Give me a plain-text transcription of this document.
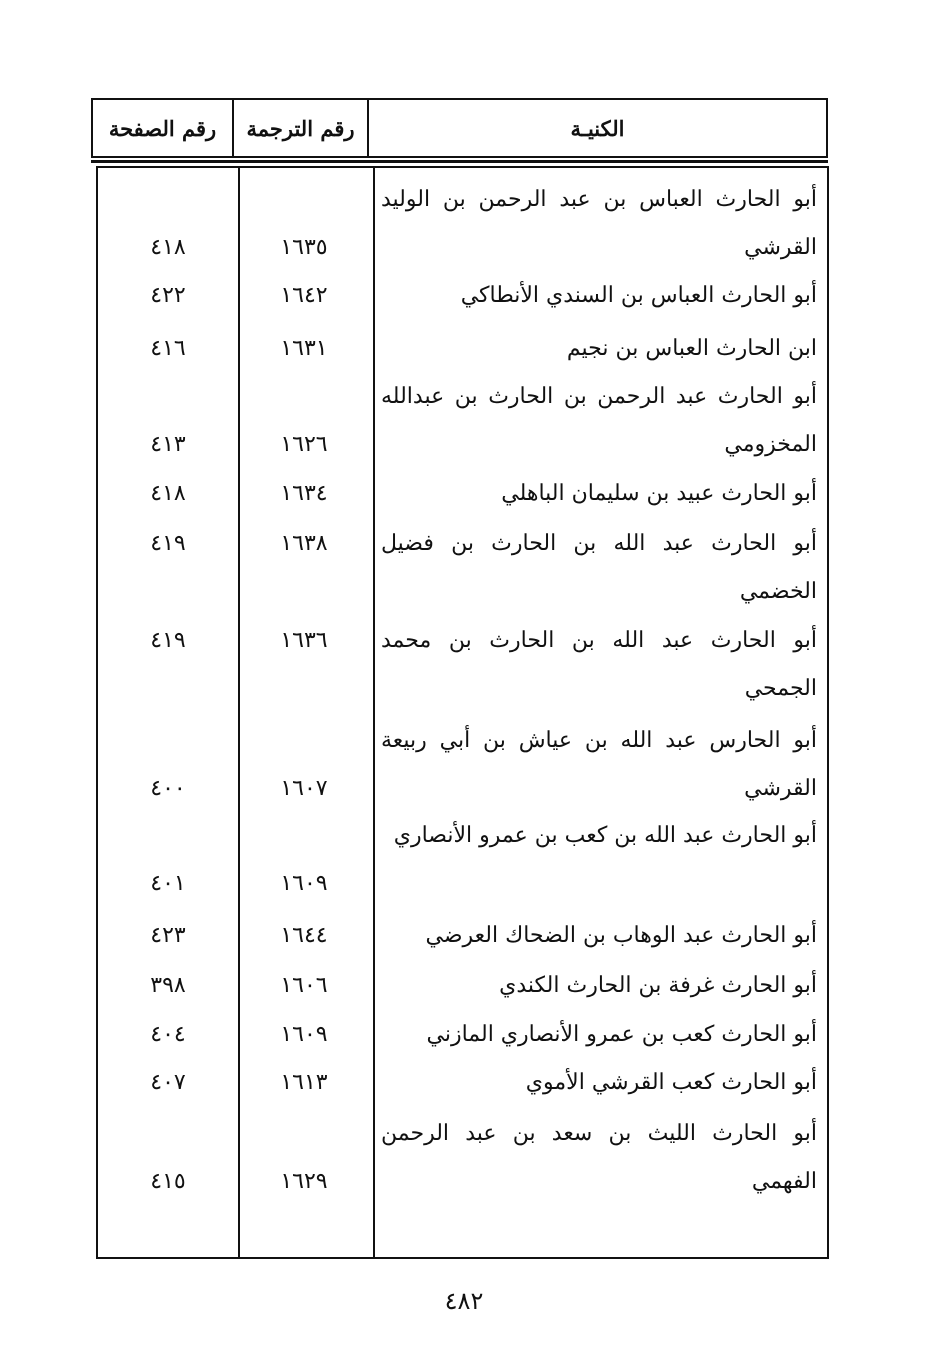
الكنيـة
رقم الترجمة
رقم الصفحة
أبو الحارث العباس بن عبد الرحمن بن الوليد القرشي
١٦٣٥
٤١٨
أبو الحارث العباس بن السندي الأنطاكي
١٦٤٢
٤٢٢
ابن الحارث العباس بن نجيم
١٦٣١
٤١٦
أبو الحارث عبد الرحمن بن الحارث بن عبدالله المخزومي
١٦٢٦
٤١٣
أبو الحارث عبيد بن سليمان الباهلي
١٦٣٤
٤١٨
أبو الحارث عبد الله بن الحارث بن فضيل الخضمي
١٦٣٨
٤١٩
أبو الحارث عبد الله بن الحارث بن محمد الجمحي
١٦٣٦
٤١٩
أبو الحارس عبد الله بن عياش بن أبي ربيعة القرشي
١٦٠٧
٤٠٠
أبو الحارث عبد الله بن كعب بن عمرو الأنصاري
١٦٠٩
٤٠١
أبو الحارث عبد الوهاب بن الضحاك العرضي
١٦٤٤
٤٢٣
أبو الحارث غرفة بن الحارث الكندي
١٦٠٦
٣٩٨
أبو الحارث كعب بن عمرو الأنصاري المازني
١٦٠٩
٤٠٤
أبو الحارث كعب القرشي الأموي
١٦١٣
٤٠٧
أبو الحارث الليث بن سعد بن عبد الرحمن الفهمي
١٦٢٩
٤١٥
٤٨٢
